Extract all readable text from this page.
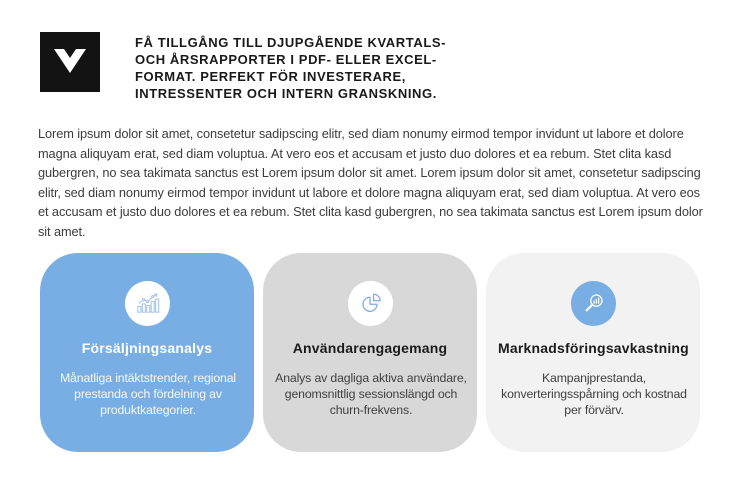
FÅ TILLGÅNG TILL DJUPGÅENDE KVARTALS-
OCH ÅRSRAPPORTER I PDF- ELLER EXCEL-
FORMAT. PERFEKT FÖR INVESTERARE,
INTRESSENTER OCH INTERN GRANSKNING.

Lorem ipsum dolor sit amet, consetetur sadipscing elitr, sed diam nonumy eirmod tempor invidunt ut labore et dolore magna aliquyam erat, sed diam voluptua. At vero eos et accusam et justo duo dolores et ea rebum. Stet clita kasd gubergren, no sea takimata sanctus est Lorem ipsum dolor sit amet. Lorem ipsum dolor sit amet, consetetur sadipscing elitr, sed diam nonumy eirmod tempor invidunt ut labore et dolore magna aliquyam erat, sed diam voluptua. At vero eos et accusam et justo duo dolores et ea rebum. Stet clita kasd gubergren, no sea takimata sanctus est Lorem ipsum dolor sit amet.

Försäljningsanalys

Månatliga intäktstrender, regional prestanda och fördelning av produktkategorier.

Användarengagemang

Analys av dagliga aktiva användare, genomsnittlig sessionslängd och churn-frekvens.

Marknadsföringsavkastning

Kampanjprestanda, konverteringsspårning och kostnad per förvärv.
